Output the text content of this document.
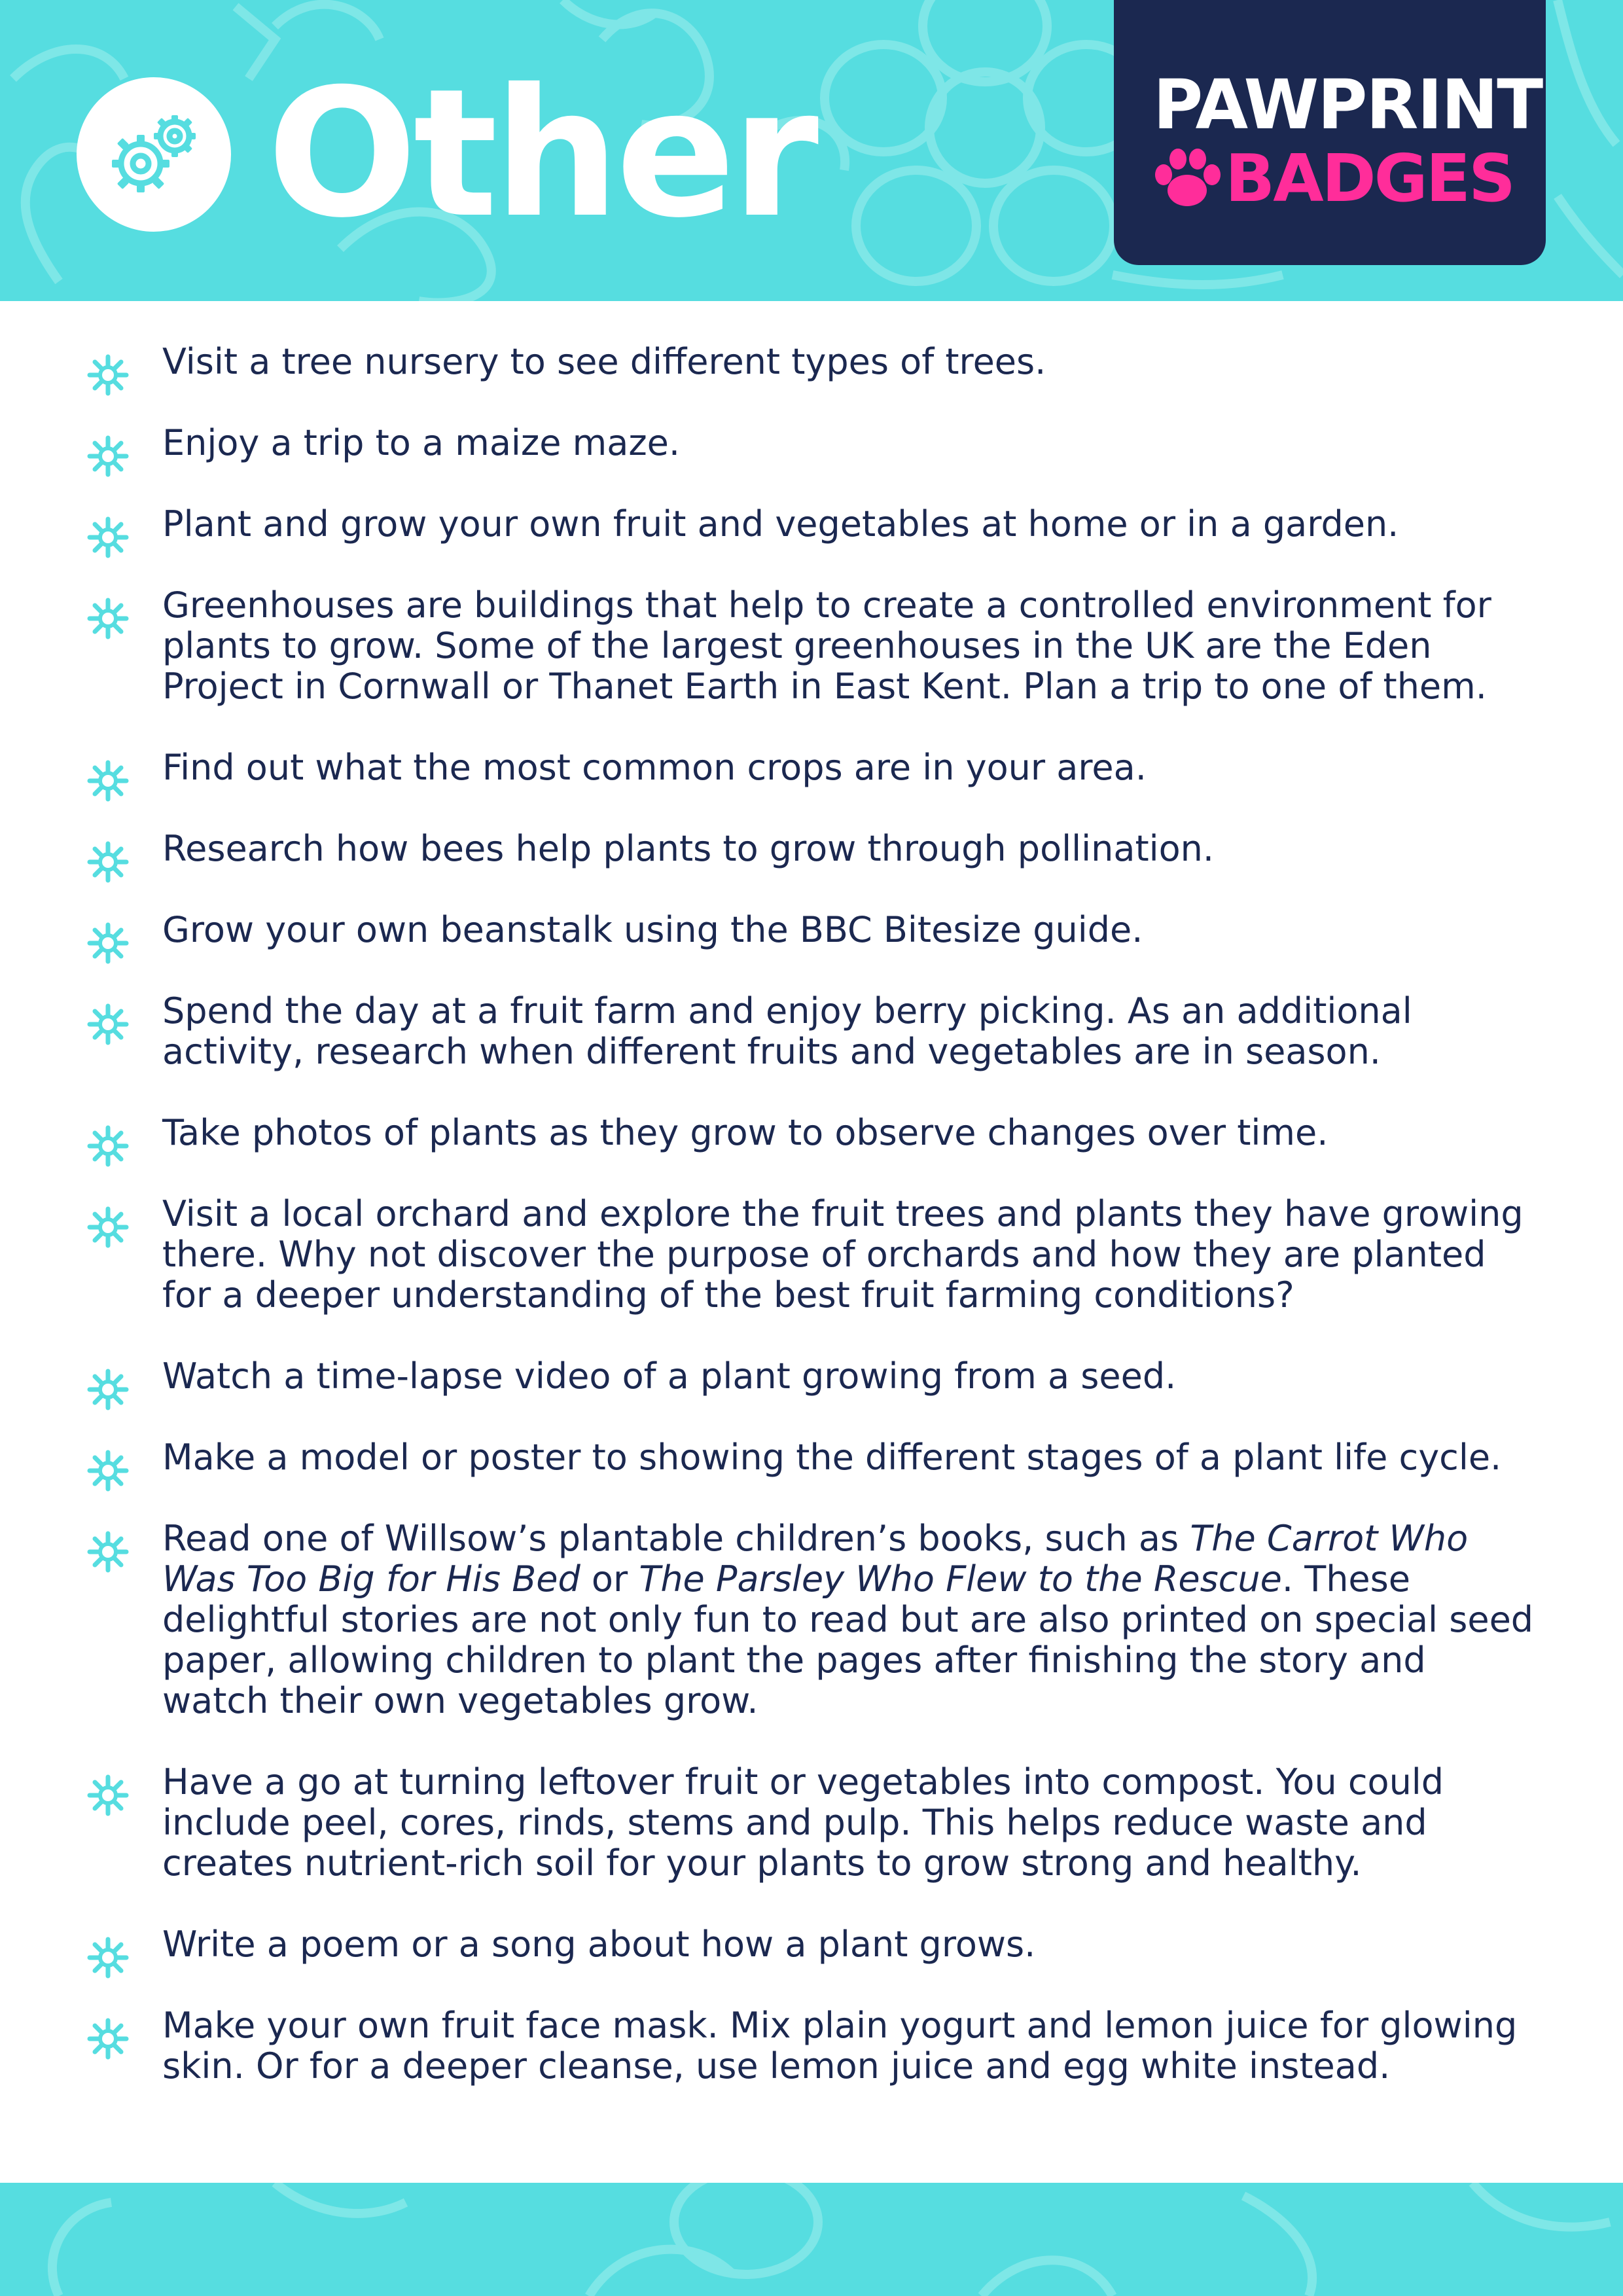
Other	PAWPRINT
BADGES
Visit a tree nursery to see different types of trees.
Enjoy a trip to a maize maze.
Plant and grow your own fruit and vegetables at home or in a garden.
Greenhouses are buildings that help to create a controlled environment for plants to grow. Some of the largest greenhouses in the UK are the Eden Project in Cornwall or Thanet Earth in East Kent. Plan a trip to one of them.
Find out what the most common crops are in your area.
Research how bees help plants to grow through pollination.
Grow your own beanstalk using the BBC Bitesize guide.
Spend the day at a fruit farm and enjoy berry picking. As an additional activity, research when different fruits and vegetables are in season.
Take photos of plants as they grow to observe changes over time.
Visit a local orchard and explore the fruit trees and plants they have growing there. Why not discover the purpose of orchards and how they are planted for a deeper understanding of the best fruit farming conditions?
Watch a time-lapse video of a plant growing from a seed.
Make a model or poster to showing the different stages of a plant life cycle.
Read one of Willsow’s plantable children’s books, such as The Carrot Who Was Too Big for His Bed or The Parsley Who Flew to the Rescue. These delightful stories are not only fun to read but are also printed on special seed paper, allowing children to plant the pages after finishing the story and watch their own vegetables grow.
Have a go at turning leftover fruit or vegetables into compost. You could include peel, cores, rinds, stems and pulp. This helps reduce waste and creates nutrient-rich soil for your plants to grow strong and healthy.
Write a poem or a song about how a plant grows.
Make your own fruit face mask. Mix plain yogurt and lemon juice for glowing skin. Or for a deeper cleanse, use lemon juice and egg white instead.
